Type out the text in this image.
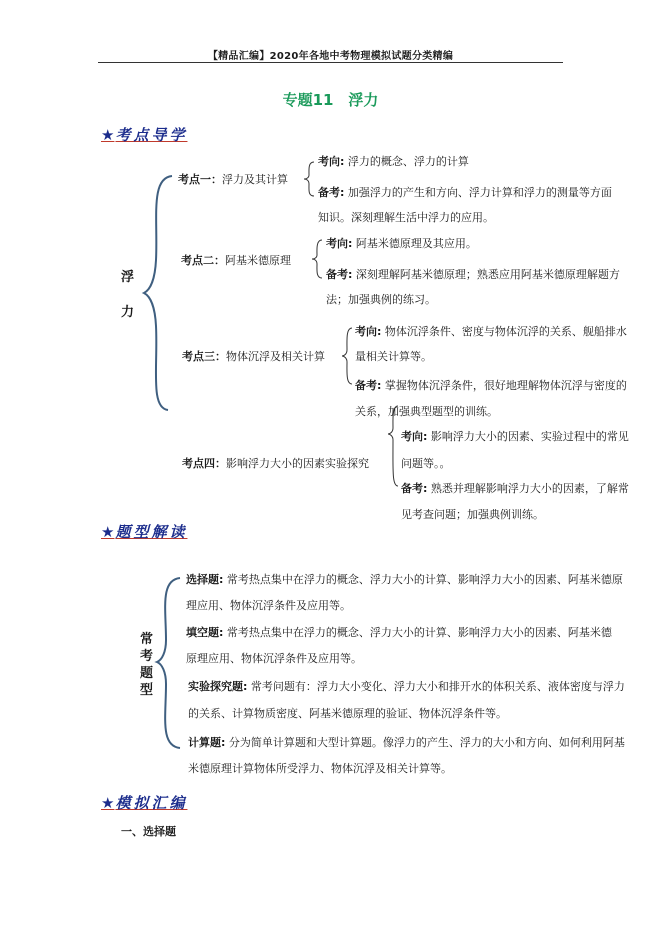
【精品汇编】2020年各地中考物理模拟试题分类精编
专题11　浮力
★考点导学
浮
力
考点一：浮力及其计算
考向: 浮力的概念、浮力的计算
备考: 加强浮力的产生和方向、浮力计算和浮力的测量等方面
知识。深刻理解生活中浮力的应用。
考点二：阿基米德原理
考向: 阿基米德原理及其应用。
备考: 深刻理解阿基米德原理；熟悉应用阿基米德原理解题方
法；加强典例的练习。
考点三：物体沉浮及相关计算
考向: 物体沉浮条件、密度与物体沉浮的关系、舰船排水
量相关计算等。
备考: 掌握物体沉浮条件，很好地理解物体沉浮与密度的
关系，加强典型题型的训练。
考点四：影响浮力大小的因素实验探究
考向: 影响浮力大小的因素、实验过程中的常见
问题等。。
备考: 熟悉并理解影响浮力大小的因素，了解常
见考查问题；加强典例训练。
★题型解读
常
考
题
型
选择题: 常考热点集中在浮力的概念、浮力大小的计算、影响浮力大小的因素、阿基米德原
理应用、物体沉浮条件及应用等。
填空题: 常考热点集中在浮力的概念、浮力大小的计算、影响浮力大小的因素、阿基米德
原理应用、物体沉浮条件及应用等。
实验探究题: 常考问题有：浮力大小变化、浮力大小和排开水的体积关系、液体密度与浮力
的关系、计算物质密度、阿基米德原理的验证、物体沉浮条件等。
计算题: 分为简单计算题和大型计算题。像浮力的产生、浮力的大小和方向、如何利用阿基
米德原理计算物体所受浮力、物体沉浮及相关计算等。
★模拟汇编
一、选择题
